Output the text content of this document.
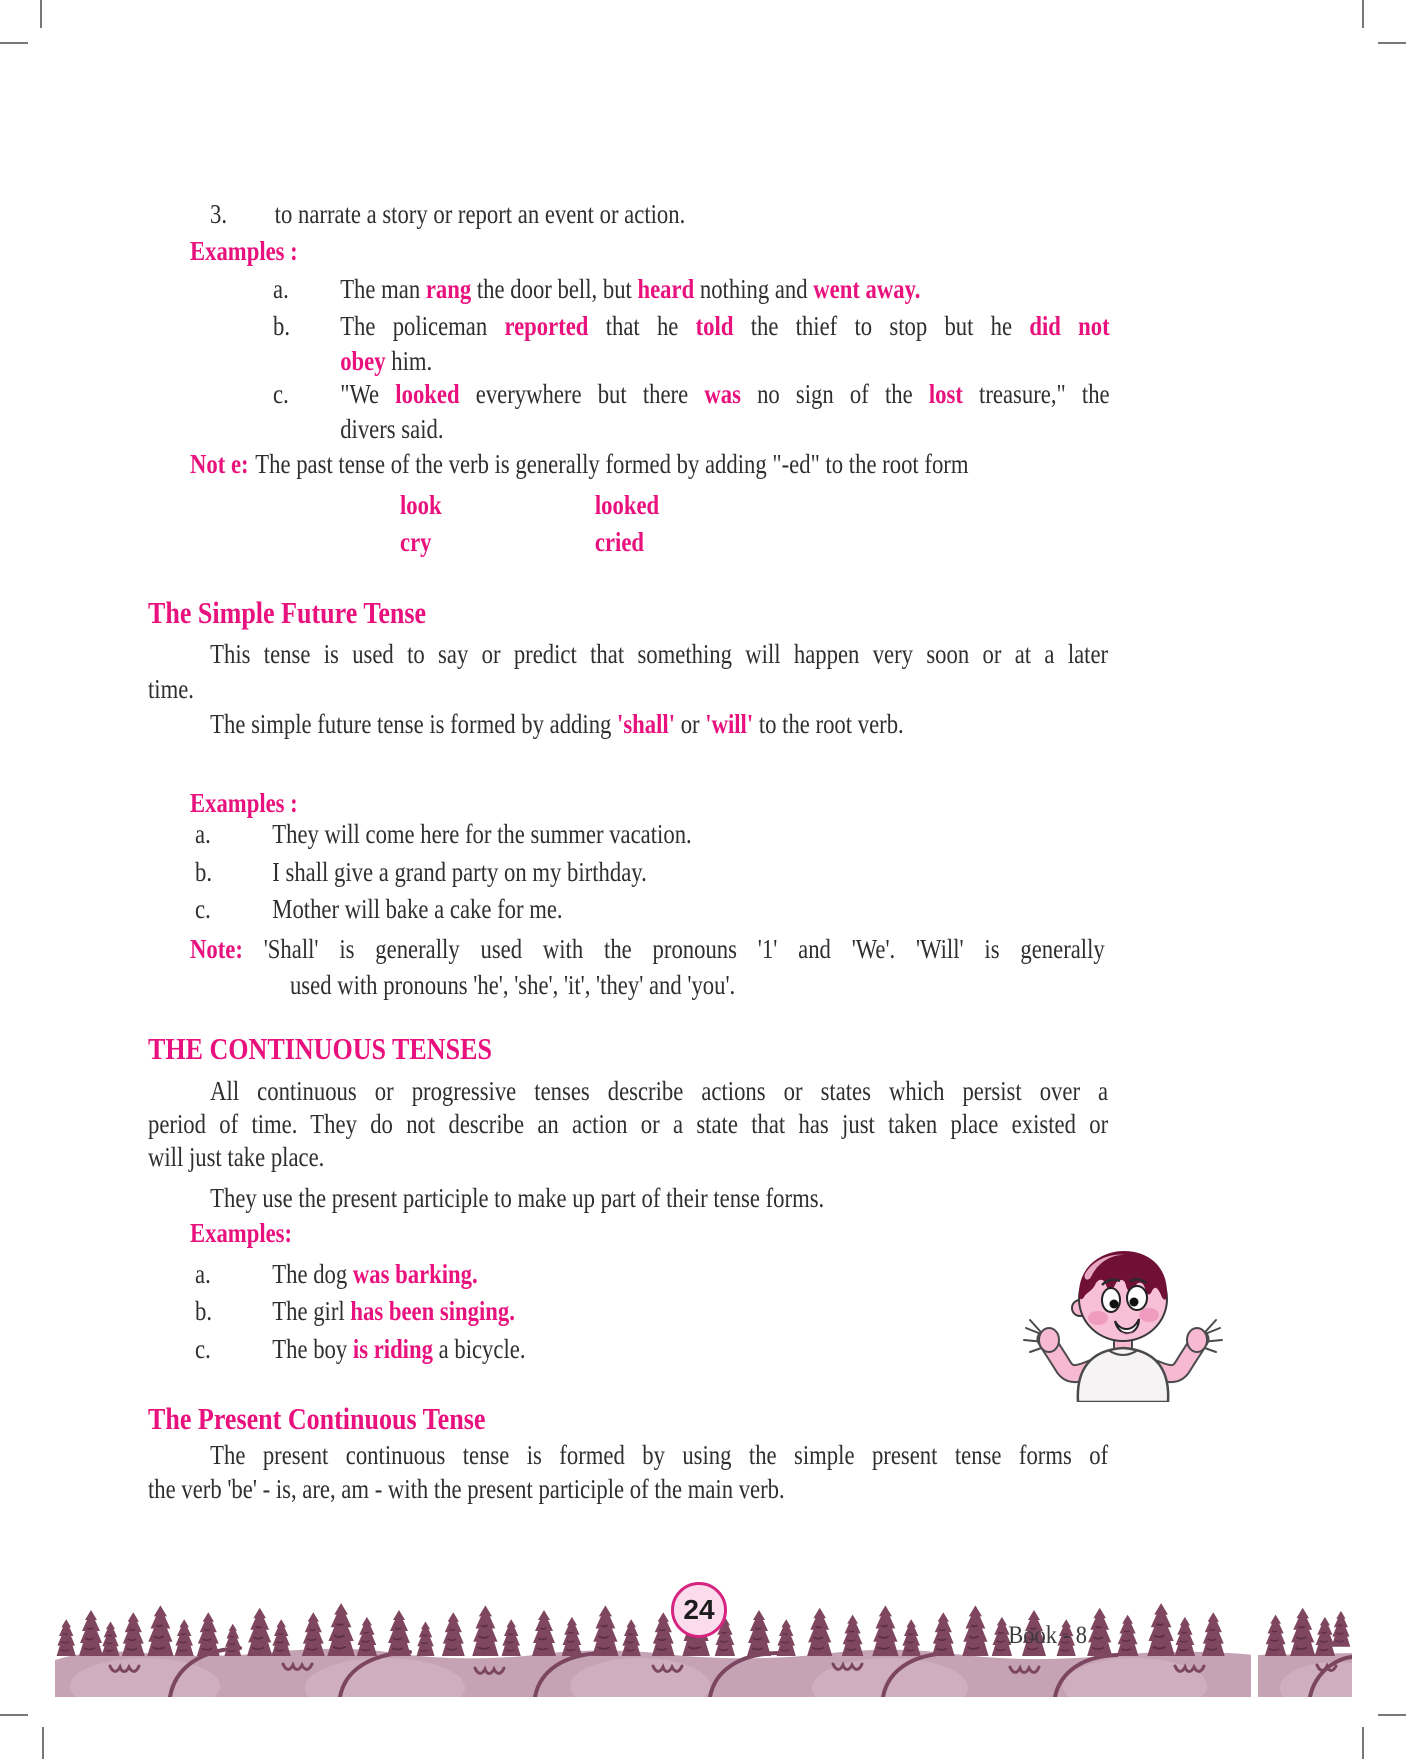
3.	to narrate a story or report an event or action.
Examples :
a.	The man rang the door bell, but heard nothing and went away.
b.	The policeman reported that he told the thief to stop but he did not
obey him.
c.	"We looked everywhere but there was no sign of the lost treasure," the
divers said.
Not e: The past tense of the verb is generally formed by adding "-ed" to the root form
look	looked
cry	cried
The Simple Future Tense
This tense is used to say or predict that something will happen very soon or at a later
time.
The simple future tense is formed by adding 'shall' or 'will' to the root verb.
Examples :
a.	They will come here for the summer vacation.
b.	I shall give a grand party on my birthday.
c.	Mother will bake a cake for me.
Note: 'Shall' is generally used with the pronouns '1' and 'We'. 'Will' is generally
used with pronouns 'he', 'she', 'it', 'they' and 'you'.
THE CONTINUOUS TENSES
All continuous or progressive tenses describe actions or states which persist over a
period of time. They do not describe an action or a state that has just taken place existed or
will just take place.
They use the present participle to make up part of their tense forms.
Examples:
a.	The dog was barking.
b.	The girl has been singing.
c.	The boy is riding a bicycle.
The Present Continuous Tense
The present continuous tense is formed by using the simple present tense forms of
the verb 'be' - is, are, am - with the present participle of the main verb.
24
Book - 8
